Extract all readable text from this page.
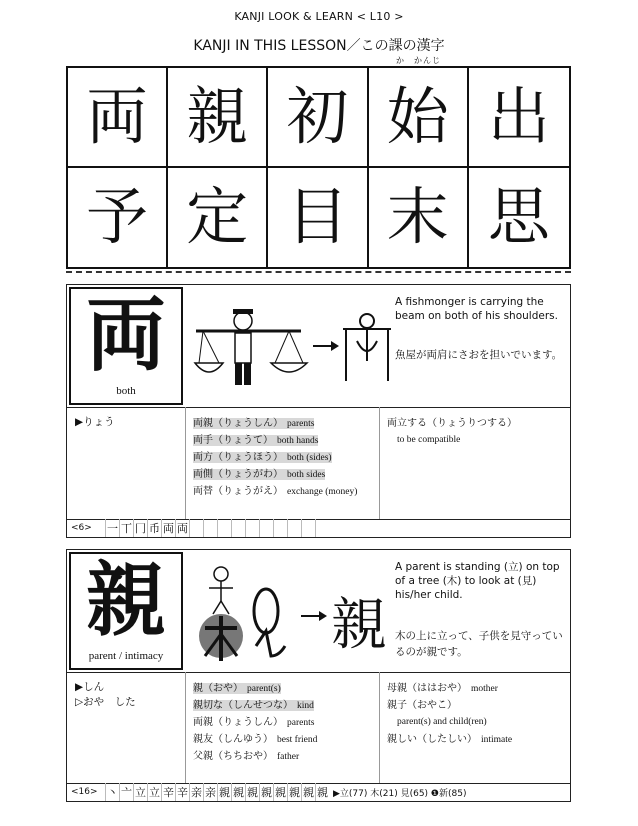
KANJI LOOK & LEARN < L10 >
KANJI IN THIS LESSON／この課の漢字
か　かんじ
両 親 初 始 出
予 定 目 末 思
両
both
A fishmonger is carrying the beam on both of his shoulders.
魚屋が両肩にさおを担いでいます。
▶りょう	両親（りょうしん） parents
両手（りょうて） both hands
両方（りょうほう） both (sides)
両側（りょうがわ） both sides
両替（りょうがえ） exchange (money)
両立する（りょうりつする）
to be compatible
<6>	一 丅 冂 币 両 両
親
parent / intimacy	親
A parent is standing (立) on top of a tree (木) to look at (見) his/her child.
木の上に立って、子供を見守っているのが親です。
▶しん
▷おや　した
親（おや） parent(s)
親切な（しんせつな） kind
両親（りょうしん） parents
親友（しんゆう） best friend
父親（ちちおや） father
母親（ははおや） mother
親子（おやこ）
parent(s) and child(ren)
親しい（したしい） intimate
<16> 丶 亠 立 立 辛 辛 亲 亲 親 親 親 親 親 親 親 親 ▶立(77) 木(21) 見(65) ❶新(85)
